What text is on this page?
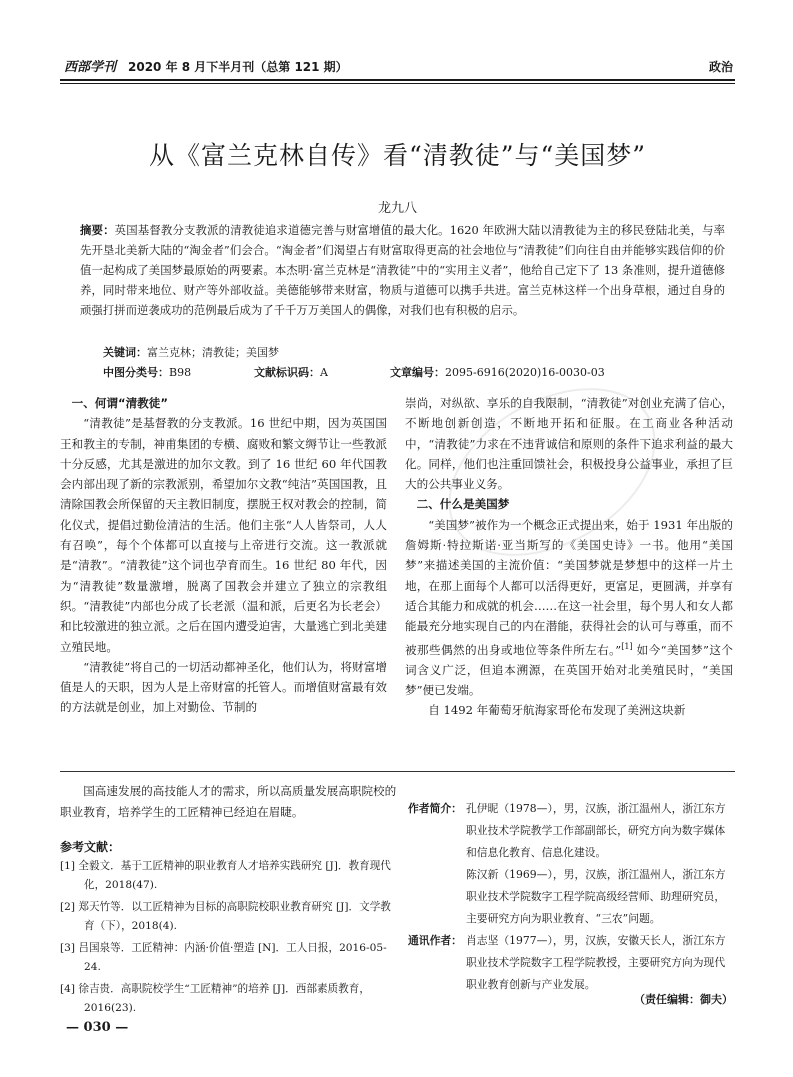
西部学刊 2020 年 8 月下半月刊（总第 121 期）	政治
从《富兰克林自传》看“清教徒”与“美国梦”
龙九八
摘要：英国基督教分支教派的清教徒追求道德完善与财富增值的最大化。1620 年欧洲大陆以清教徒为主的移民登陆北美，与率先开垦北美新大陆的“淘金者”们会合。“淘金者”们渴望占有财富取得更高的社会地位与“清教徒”们向往自由并能够实践信仰的价值一起构成了美国梦最原始的两要素。本杰明·富兰克林是“清教徒”中的“实用主义者”，他给自己定下了 13 条准则，提升道德修养，同时带来地位、财产等外部收益。美德能够带来财富，物质与道德可以携手共进。富兰克林这样一个出身草根，通过自身的顽强打拼而逆袭成功的范例最后成为了千千万万美国人的偶像，对我们也有积极的启示。
关键词：富兰克林；清教徒；美国梦
中图分类号：B98	文献标识码：A	文章编号：2095-6916(2020)16-0030-03
一、何谓“清教徒”

“清教徒”是基督教的分支教派。16 世纪中期，因为英国国王和教主的专制，神甫集团的专横、腐败和繁文缛节让一些教派十分反感，尤其是激进的加尔文教。到了 16 世纪 60 年代国教会内部出现了新的宗教派别，希望加尔文教“纯洁”英国国教，且清除国教会所保留的天主教旧制度，摆脱王权对教会的控制，简化仪式，提倡过勤俭清洁的生活。他们主张“人人皆祭司，人人有召唤”，每个个体都可以直接与上帝进行交流。这一教派就是“清教”。“清教徒”这个词也孕育而生。16 世纪 80 年代，因为“清教徒”数量激增，脱离了国教会并建立了独立的宗教组织。“清教徒”内部也分成了长老派（温和派，后更名为长老会）和比较激进的独立派。之后在国内遭受迫害，大量逃亡到北美建立殖民地。

“清教徒”将自己的一切活动都神圣化，他们认为，将财富增值是人的天职，因为人是上帝财富的托管人。而增值财富最有效的方法就是创业，加上对勤俭、节制的

崇尚，对纵欲、享乐的自我限制，“清教徒”对创业充满了信心，不断地创新创造，不断地开拓和征服。在工商业各种活动中，“清教徒”力求在不违背诚信和原则的条件下追求利益的最大化。同样，他们也注重回馈社会，积极投身公益事业，承担了巨大的公共事业义务。

二、什么是美国梦

“美国梦”被作为一个概念正式提出来，始于 1931 年出版的詹姆斯·特拉斯诺·亚当斯写的《美国史诗》一书。他用“美国梦”来描述美国的主流价值：“美国梦就是梦想中的这样一片土地，在那上面每个人都可以活得更好，更富足，更圆满，并享有适合其能力和成就的机会……在这一社会里，每个男人和女人都能最充分地实现自己的内在潜能，获得社会的认可与尊重，而不被那些偶然的出身或地位等条件所左右。”[1] 如今“美国梦”这个词含义广泛，但追本溯源，在英国开始对北美殖民时，“美国梦”便已发端。

自 1492 年葡萄牙航海家哥伦布发现了美洲这块新

国高速发展的高技能人才的需求，所以高质量发展高职院校的职业教育，培养学生的工匠精神已经迫在眉睫。

参考文献：
[1] 全毅文．基于工匠精神的职业教育人才培养实践研究 [J]．教育现代化，2018(47).
[2] 郑天竹等．以工匠精神为目标的高职院校职业教育研究 [J]．文学教育（下），2018(4).
[3] 吕国泉等．工匠精神：内涵·价值·塑造 [N]．工人日报，2016-05-24.
[4] 徐吉贵．高职院校学生“工匠精神”的培养 [J]．西部素质教育，2016(23).
作者简介： 孔伊昵（1978—），男，汉族，浙江温州人，浙江东方职业技术学院教学工作部副部长，研究方向为数字媒体和信息化教育、信息化建设。
陈汉新（1969—），男，汉族，浙江温州人，浙江东方职业技术学院数字工程学院高级经营师、助理研究员，主要研究方向为职业教育、“三农”问题。
通讯作者： 肖志坚（1977—），男，汉族，安徽天长人，浙江东方职业技术学院数字工程学院教授，主要研究方向为现代职业教育创新与产业发展。
（责任编辑：御夫）
— 030 —
